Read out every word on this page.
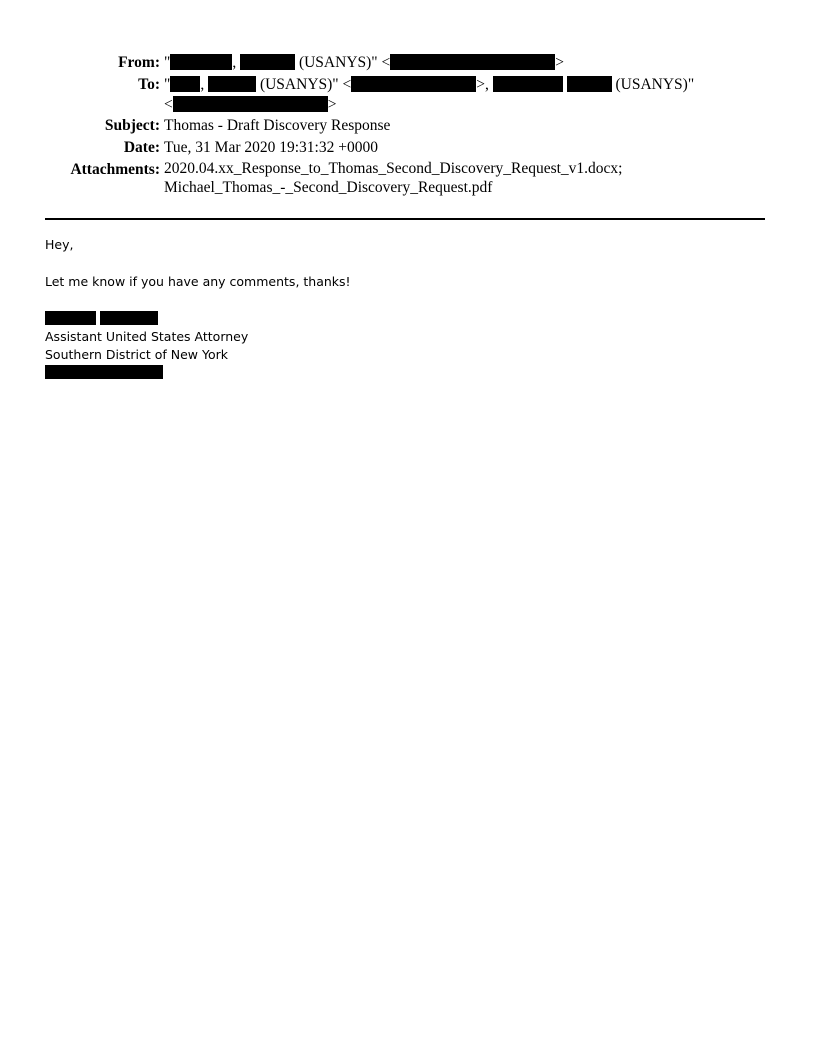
From: "	,	(USANYS)" <	>
To: " ,	(USANYS)" <	>,	(USANYS)"
<	>
Subject: Thomas - Draft Discovery Response
Date: Tue, 31 Mar 2020 19:31:32 +0000
Attachments: 2020.04.xx_Response_to_Thomas_Second_Discovery_Request_v1.docx;
Michael_Thomas_-_Second_Discovery_Request.pdf

Hey,

Let me know if you have any comments, thanks!

Assistant United States Attorney

Southern District of New York
